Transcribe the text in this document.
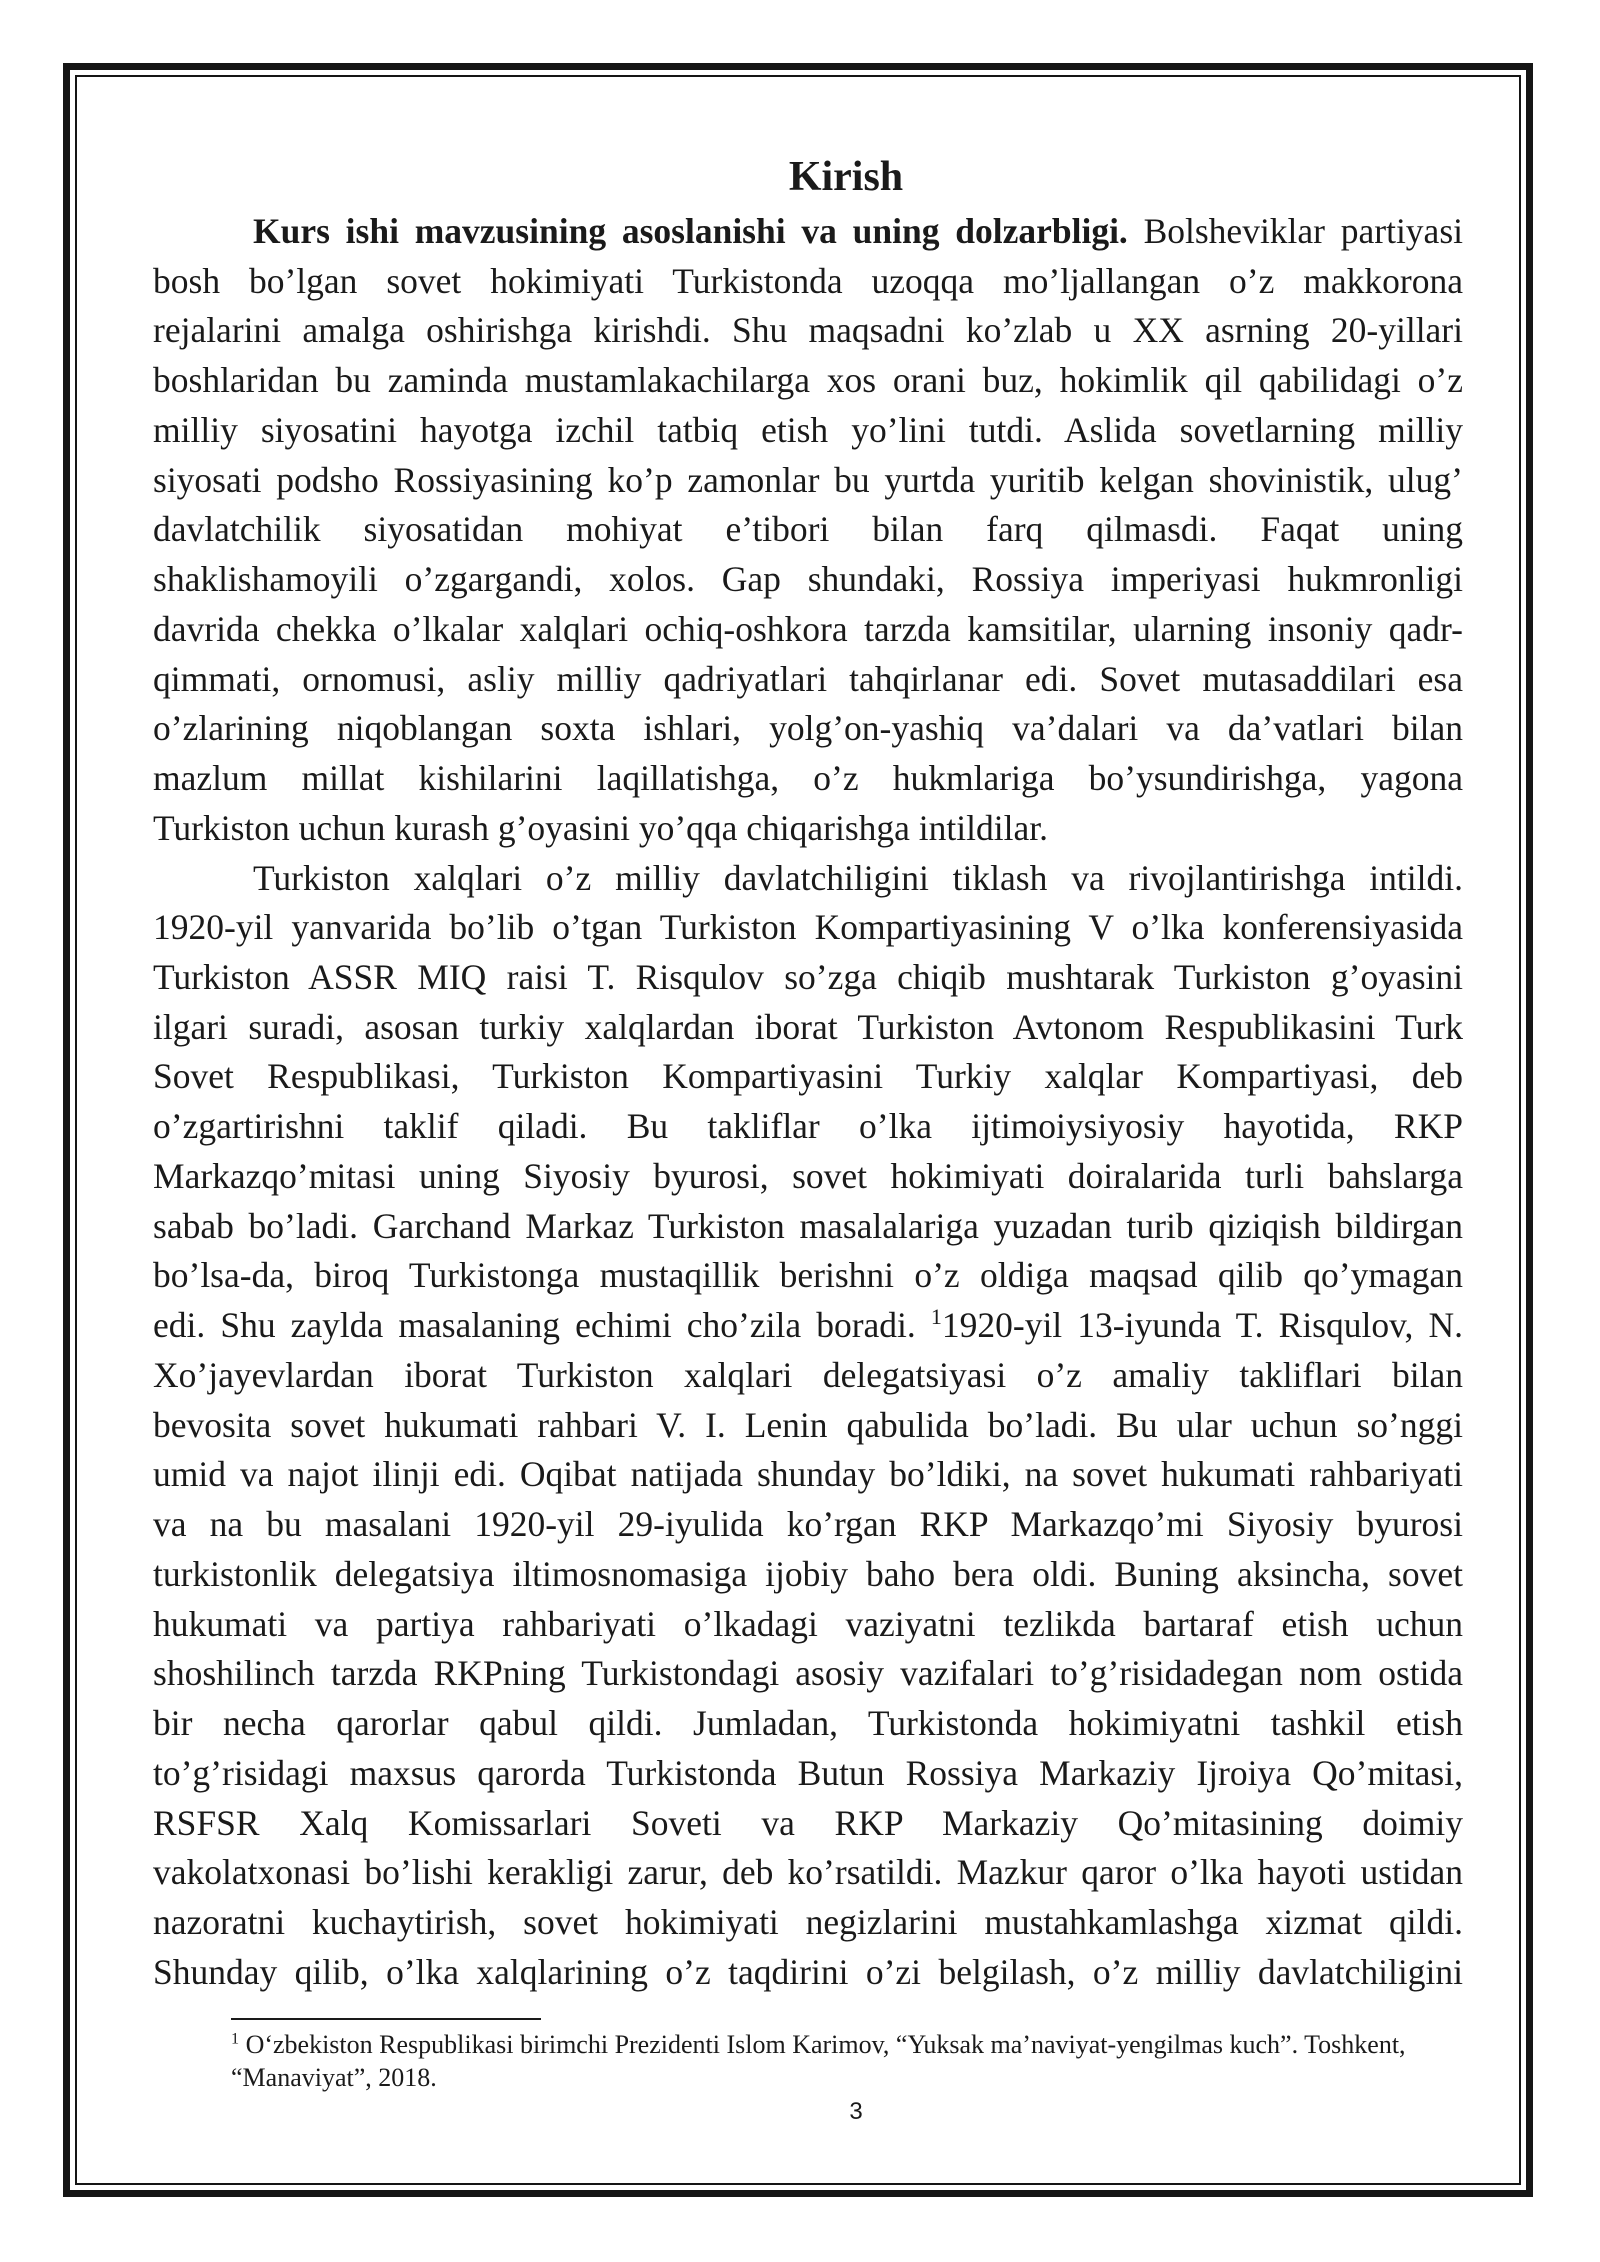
Kirish
Kurs ishi mavzusining asoslanishi va uning dolzarbligi. Bolsheviklar partiyasi
bosh bo’lgan sovet hokimiyati Turkistonda uzoqqa mo’ljallangan o’z makkorona
rejalarini amalga oshirishga kirishdi. Shu maqsadni ko’zlab u XX asrning 20-yillari
boshlaridan bu zaminda mustamlakachilarga xos orani buz, hokimlik qil qabilidagi o’z
milliy siyosatini hayotga izchil tatbiq etish yo’lini tutdi. Aslida sovetlarning milliy
siyosati podsho Rossiyasining ko’p zamonlar bu yurtda yuritib kelgan shovinistik, ulug’
davlatchilik siyosatidan mohiyat e’tibori bilan farq qilmasdi. Faqat uning
shaklishamoyili o’zgargandi, xolos. Gap shundaki, Rossiya imperiyasi hukmronligi
davrida chekka o’lkalar xalqlari ochiq-oshkora tarzda kamsitilar, ularning insoniy qadr-
qimmati, ornomusi, asliy milliy qadriyatlari tahqirlanar edi. Sovet mutasaddilari esa
o’zlarining niqoblangan soxta ishlari, yolg’on-yashiq va’dalari va da’vatlari bilan
mazlum millat kishilarini laqillatishga, o’z hukmlariga bo’ysundirishga, yagona
Turkiston uchun kurash g’oyasini yo’qqa chiqarishga intildilar.
Turkiston xalqlari o’z milliy davlatchiligini tiklash va rivojlantirishga intildi.
1920-yil yanvarida bo’lib o’tgan Turkiston Kompartiyasining V o’lka konferensiyasida
Turkiston ASSR MIQ raisi T. Risqulov so’zga chiqib mushtarak Turkiston g’oyasini
ilgari suradi, asosan turkiy xalqlardan iborat Turkiston Avtonom Respublikasini Turk
Sovet Respublikasi, Turkiston Kompartiyasini Turkiy xalqlar Kompartiyasi, deb
o’zgartirishni taklif qiladi. Bu takliflar o’lka ijtimoiysiyosiy hayotida, RKP
Markazqo’mitasi uning Siyosiy byurosi, sovet hokimiyati doiralarida turli bahslarga
sabab bo’ladi. Garchand Markaz Turkiston masalalariga yuzadan turib qiziqish bildirgan
bo’lsa-da, biroq Turkistonga mustaqillik berishni o’z oldiga maqsad qilib qo’ymagan
edi. Shu zaylda masalaning echimi cho’zila boradi. $^1$1920-yil 13-iyunda T. Risqulov, N.
Xo’jayevlardan iborat Turkiston xalqlari delegatsiyasi o’z amaliy takliflari bilan
bevosita sovet hukumati rahbari V. I. Lenin qabulida bo’ladi. Bu ular uchun so’nggi
umid va najot ilinji edi. Oqibat natijada shunday bo’ldiki, na sovet hukumati rahbariyati
va na bu masalani 1920-yil 29-iyulida ko’rgan RKP Markazqo’mi Siyosiy byurosi
turkistonlik delegatsiya iltimosnomasiga ijobiy baho bera oldi. Buning aksincha, sovet
hukumati va partiya rahbariyati o’lkadagi vaziyatni tezlikda bartaraf etish uchun
shoshilinch tarzda RKPning Turkistondagi asosiy vazifalari to’g’risidadegan nom ostida
bir necha qarorlar qabul qildi. Jumladan, Turkistonda hokimiyatni tashkil etish
to’g’risidagi maxsus qarorda Turkistonda Butun Rossiya Markaziy Ijroiya Qo’mitasi,
RSFSR Xalq Komissarlari Soveti va RKP Markaziy Qo’mitasining doimiy
vakolatxonasi bo’lishi kerakligi zarur, deb ko’rsatildi. Mazkur qaror o’lka hayoti ustidan
nazoratni kuchaytirish, sovet hokimiyati negizlarini mustahkamlashga xizmat qildi.
Shunday qilib, o’lka xalqlarining o’z taqdirini o’zi belgilash, o’z milliy davlatchiligini
$^1$ O‘zbekiston Respublikasi birimchi Prezidenti Islom Karimov, “Yuksak ma’naviyat-yengilmas kuch”. Toshkent,
“Manaviyat”, 2018.
3
